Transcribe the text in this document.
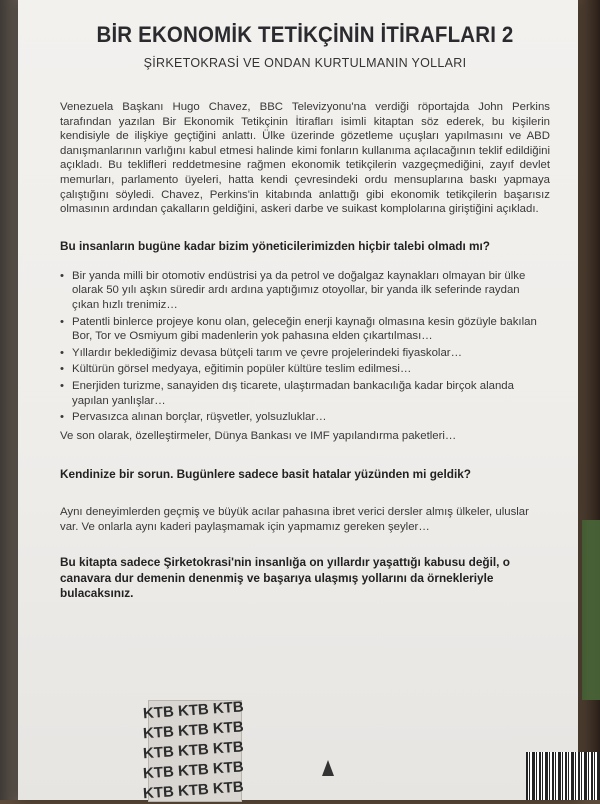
BİR EKONOMİK TETİKÇİNİN İTİRAFLARI 2

ŞİRKETOKRASİ VE ONDAN KURTULMANIN YOLLARI

Venezuela Başkanı Hugo Chavez, BBC Televizyonu'na verdiği röportajda John Perkins tarafından yazılan Bir Ekonomik Tetikçinin İtirafları isimli kitaptan söz ederek, bu kişilerin kendisiyle de ilişkiye geçtiğini anlattı. Ülke üzerinde gözetleme uçuşları yapılmasını ve ABD danışmanlarının varlığını kabul etmesi halinde kimi fonların kullanıma açılacağının teklif edildiğini açıkladı. Bu teklifleri reddetmesine rağmen ekonomik tetikçilerin vazgeçmediğini, zayıf devlet memurları, parlamento üyeleri, hatta kendi çevresindeki ordu mensuplarına baskı yapmaya çalıştığını söyledi. Chavez, Perkins'in kitabında anlattığı gibi ekonomik tetikçilerin başarısız olmasının ardından çakalların geldiğini, askeri darbe ve suikast komplolarına giriştiğini açıkladı.

Bu insanların bugüne kadar bizim yöneticilerimizden hiçbir talebi olmadı mı?

• Bir yanda milli bir otomotiv endüstrisi ya da petrol ve doğalgaz kaynakları olmayan bir ülke olarak 50 yılı aşkın süredir ardı ardına yaptığımız otoyollar, bir yanda ilk seferinde raydan çıkan hızlı trenimiz…
• Patentli binlerce projeye konu olan, geleceğin enerji kaynağı olmasına kesin gözüyle bakılan Bor, Tor ve Osmiyum gibi madenlerin yok pahasına elden çıkartılması…
• Yıllardır beklediğimiz devasa bütçeli tarım ve çevre projelerindeki fiyaskolar…
• Kültürün görsel medyaya, eğitimin popüler kültüre teslim edilmesi…
• Enerjiden turizme, sanayiden dış ticarete, ulaştırmadan bankacılığa kadar birçok alanda yapılan yanlışlar…
• Pervasızca alınan borçlar, rüşvetler, yolsuzluklar…

Ve son olarak, özelleştirmeler, Dünya Bankası ve IMF yapılandırma paketleri…

Kendinize bir sorun. Bugünlere sadece basit hatalar yüzünden mi geldik?

Aynı deneyimlerden geçmiş ve büyük acılar pahasına ibret verici dersler almış ülkeler, uluslar var. Ve onlarla aynı kaderi paylaşmamak için yapmamız gereken şeyler…

Bu kitapta sadece Şirketokrasi'nin insanlığa on yıllardır yaşattığı kabusu değil, o canavara dur demenin denenmiş ve başarıya ulaşmış yollarını da örnekleriyle bulacaksınız.

KTB KTB KTB
KTB KTB KTB
KTB KTB KTB
KTB KTB KTB
KTB KTB KTB
